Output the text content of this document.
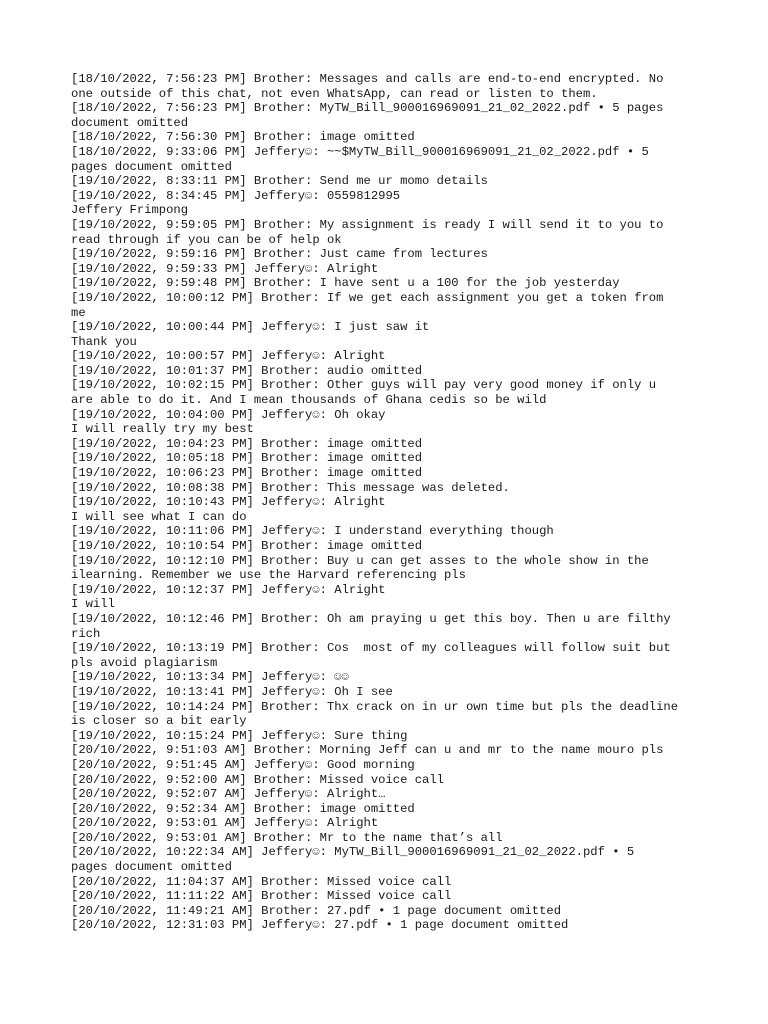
[18/10/2022, 7:56:23 PM] Brother: Messages and calls are end-to-end encrypted. No
one outside of this chat, not even WhatsApp, can read or listen to them.
[18/10/2022, 7:56:23 PM] Brother: MyTW_Bill_900016969091_21_02_2022.pdf • 5 pages
document omitted
[18/10/2022, 7:56:30 PM] Brother: image omitted
[18/10/2022, 9:33:06 PM] Jeffery☺: ~~$MyTW_Bill_900016969091_21_02_2022.pdf • 5
pages document omitted
[19/10/2022, 8:33:11 PM] Brother: Send me ur momo details
[19/10/2022, 8:34:45 PM] Jeffery☺: 0559812995
Jeffery Frimpong
[19/10/2022, 9:59:05 PM] Brother: My assignment is ready I will send it to you to
read through if you can be of help ok
[19/10/2022, 9:59:16 PM] Brother: Just came from lectures
[19/10/2022, 9:59:33 PM] Jeffery☺: Alright
[19/10/2022, 9:59:48 PM] Brother: I have sent u a 100 for the job yesterday
[19/10/2022, 10:00:12 PM] Brother: If we get each assignment you get a token from
me
[19/10/2022, 10:00:44 PM] Jeffery☺: I just saw it
Thank you
[19/10/2022, 10:00:57 PM] Jeffery☺: Alright
[19/10/2022, 10:01:37 PM] Brother: audio omitted
[19/10/2022, 10:02:15 PM] Brother: Other guys will pay very good money if only u
are able to do it. And I mean thousands of Ghana cedis so be wild
[19/10/2022, 10:04:00 PM] Jeffery☺: Oh okay
I will really try my best
[19/10/2022, 10:04:23 PM] Brother: image omitted
[19/10/2022, 10:05:18 PM] Brother: image omitted
[19/10/2022, 10:06:23 PM] Brother: image omitted
[19/10/2022, 10:08:38 PM] Brother: This message was deleted.
[19/10/2022, 10:10:43 PM] Jeffery☺: Alright
I will see what I can do
[19/10/2022, 10:11:06 PM] Jeffery☺: I understand everything though
[19/10/2022, 10:10:54 PM] Brother: image omitted
[19/10/2022, 10:12:10 PM] Brother: Buy u can get asses to the whole show in the
ilearning. Remember we use the Harvard referencing pls
[19/10/2022, 10:12:37 PM] Jeffery☺: Alright
I will
[19/10/2022, 10:12:46 PM] Brother: Oh am praying u get this boy. Then u are filthy
rich
[19/10/2022, 10:13:19 PM] Brother: Cos  most of my colleagues will follow suit but
pls avoid plagiarism
[19/10/2022, 10:13:34 PM] Jeffery☺: ☺☺
[19/10/2022, 10:13:41 PM] Jeffery☺: Oh I see
[19/10/2022, 10:14:24 PM] Brother: Thx crack on in ur own time but pls the deadline
is closer so a bit early
[19/10/2022, 10:15:24 PM] Jeffery☺: Sure thing
[20/10/2022, 9:51:03 AM] Brother: Morning Jeff can u and mr to the name mouro pls
[20/10/2022, 9:51:45 AM] Jeffery☺: Good morning
[20/10/2022, 9:52:00 AM] Brother: Missed voice call
[20/10/2022, 9:52:07 AM] Jeffery☺: Alright…
[20/10/2022, 9:52:34 AM] Brother: image omitted
[20/10/2022, 9:53:01 AM] Jeffery☺: Alright
[20/10/2022, 9:53:01 AM] Brother: Mr to the name that’s all
[20/10/2022, 10:22:34 AM] Jeffery☺: MyTW_Bill_900016969091_21_02_2022.pdf • 5
pages document omitted
[20/10/2022, 11:04:37 AM] Brother: Missed voice call
[20/10/2022, 11:11:22 AM] Brother: Missed voice call
[20/10/2022, 11:49:21 AM] Brother: 27.pdf • 1 page document omitted
[20/10/2022, 12:31:03 PM] Jeffery☺: 27.pdf • 1 page document omitted
